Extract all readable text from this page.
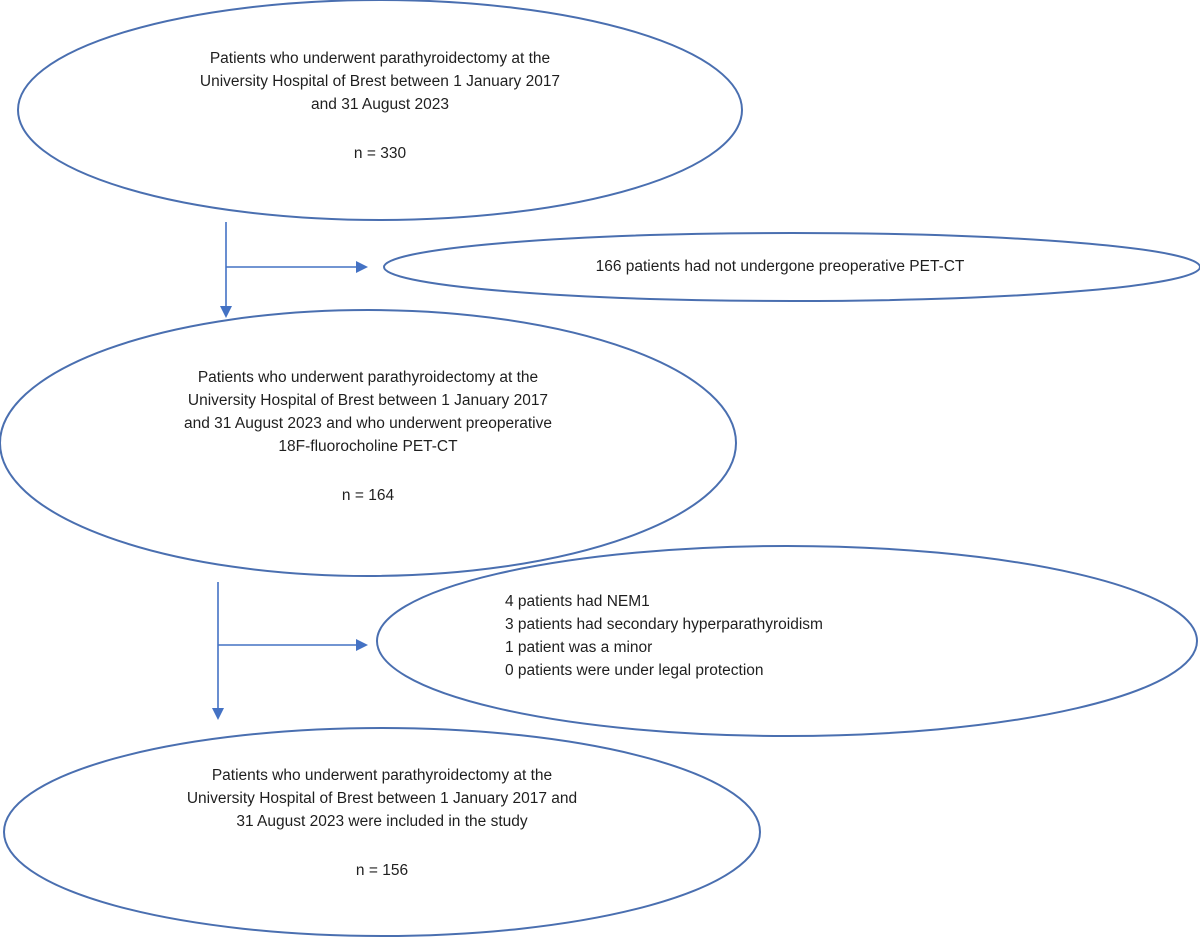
Patients who underwent parathyroidectomy at the
University Hospital of Brest between 1 January 2017
and 31 August 2023
n = 330
166 patients had not undergone preoperative PET-CT
Patients who underwent parathyroidectomy at the
University Hospital of Brest between 1 January 2017
and 31 August 2023 and who underwent preoperative
18F-fluorocholine PET-CT
n = 164
4 patients had NEM1
3 patients had secondary hyperparathyroidism
1 patient was a minor
0 patients were under legal protection
Patients who underwent parathyroidectomy at the
University Hospital of Brest between 1 January 2017 and
31 August 2023 were included in the study
n = 156
